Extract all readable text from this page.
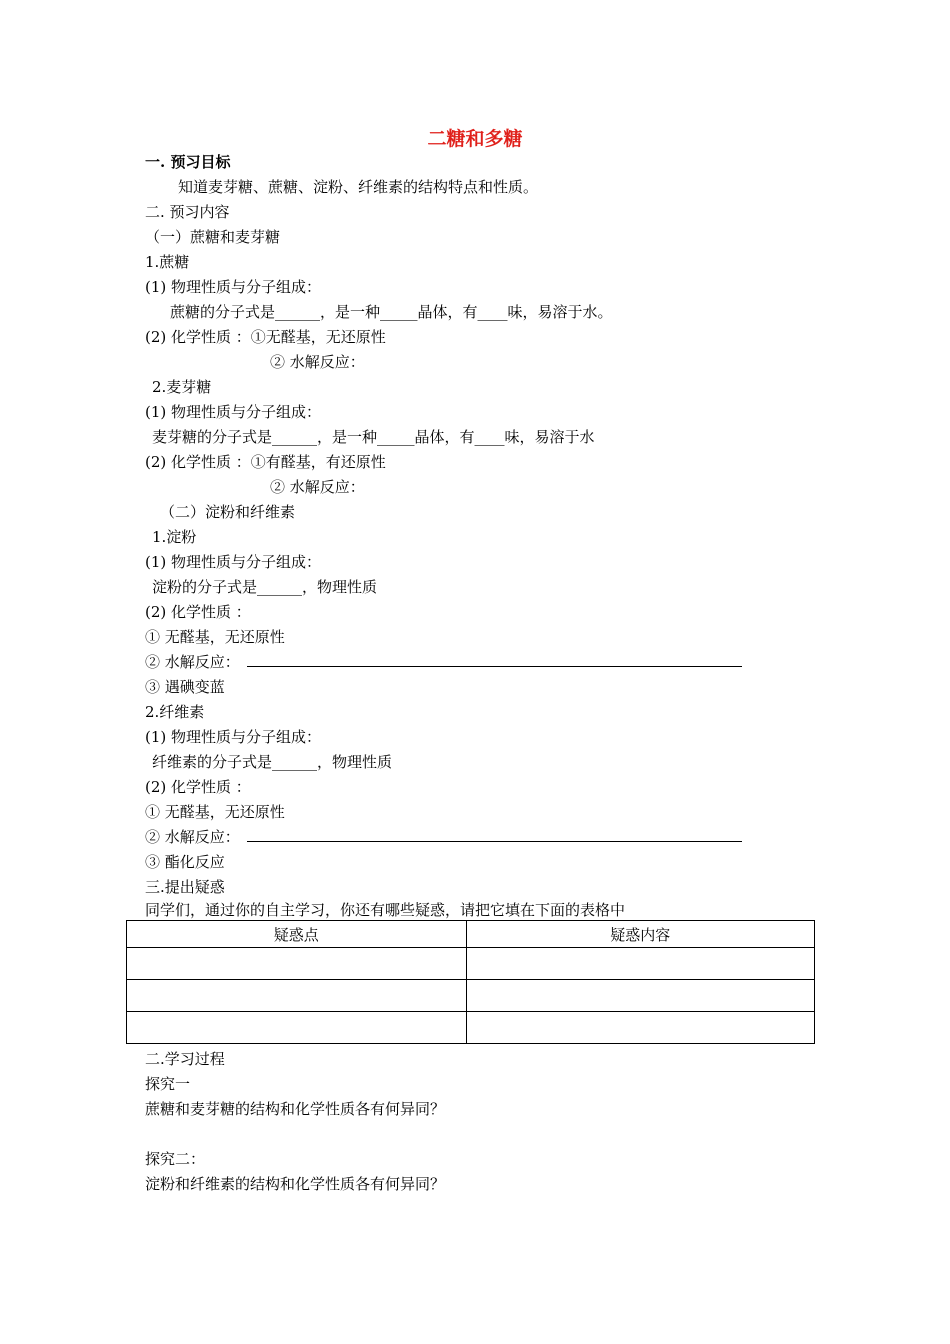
二糖和多糖
一. 预习目标
知道麦芽糖、蔗糖、淀粉、纤维素的结构特点和性质。
二. 预习内容
（一）蔗糖和麦芽糖
1.蔗糖
(1) 物理性质与分子组成：
蔗糖的分子式是______，是一种_____晶体，有____味，易溶于水。
(2) 化学性质 ：①无醛基，无还原性
② 水解反应：
2.麦芽糖
(1) 物理性质与分子组成：
麦芽糖的分子式是______，是一种_____晶体，有____味，易溶于水
(2) 化学性质 ：①有醛基，有还原性
② 水解反应：
（二）淀粉和纤维素
1.淀粉
(1) 物理性质与分子组成：
淀粉的分子式是______，物理性质
(2) 化学性质 ：
① 无醛基，无还原性
② 水解反应：
③ 遇碘变蓝
2.纤维素
(1) 物理性质与分子组成：
纤维素的分子式是______，物理性质
(2) 化学性质 ：
① 无醛基，无还原性
② 水解反应：
③ 酯化反应
三.提出疑惑
同学们，通过你的自主学习，你还有哪些疑惑，请把它填在下面的表格中
疑惑点	疑惑内容

二.学习过程
探究一
蔗糖和麦芽糖的结构和化学性质各有何异同？
探究二：
淀粉和纤维素的结构和化学性质各有何异同？
